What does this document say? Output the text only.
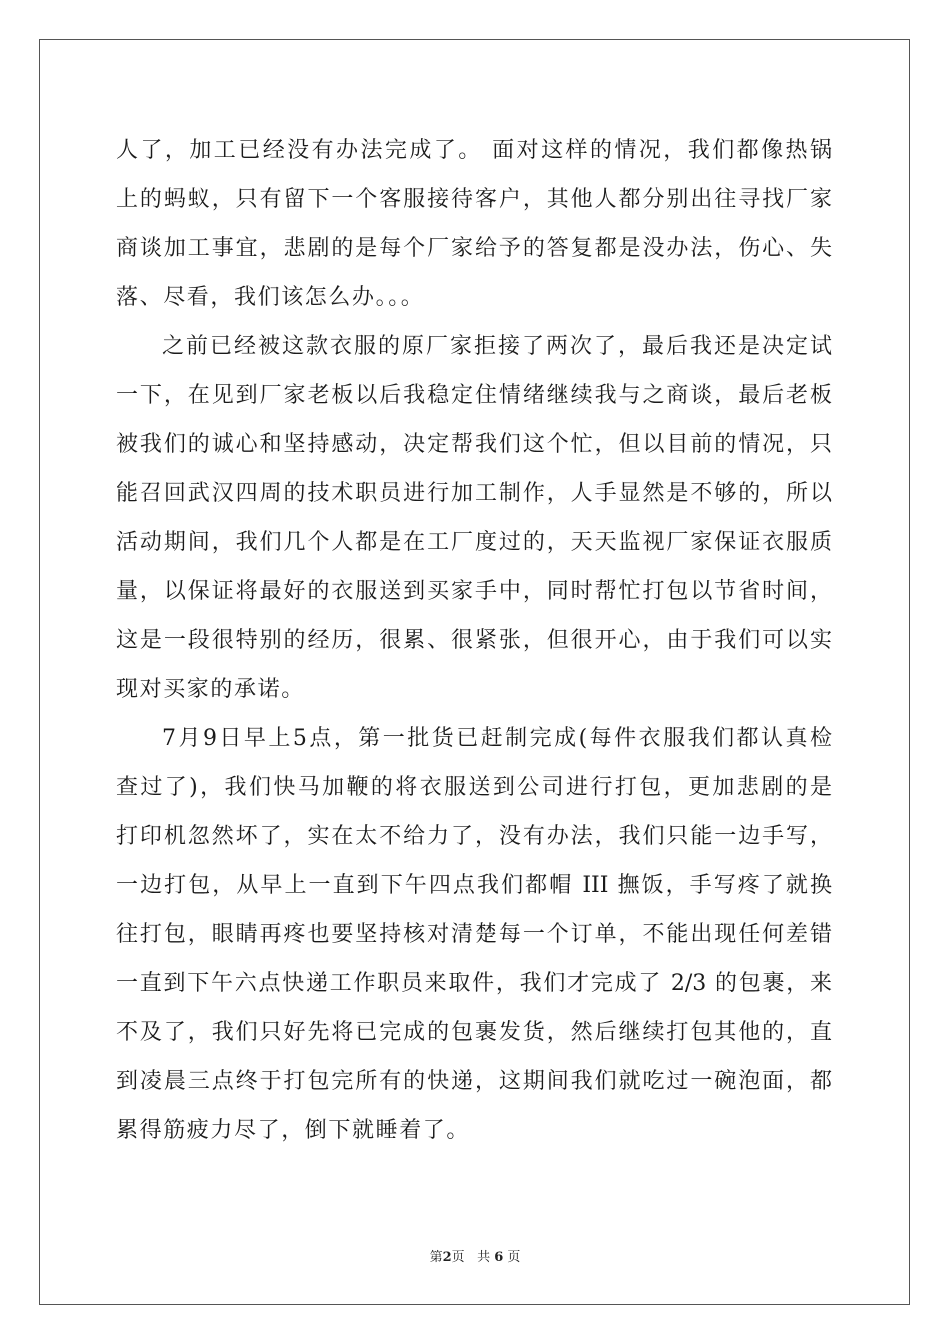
人了，加工已经没有办法完成了。 面对这样的情况，我们都像热锅
上的蚂蚁，只有留下一个客服接待客户，其他人都分别出往寻找厂家
商谈加工事宜，悲剧的是每个厂家给予的答复都是没办法，伤心、失
落、尽看，我们该怎么办。。。
之前已经被这款衣服的原厂家拒接了两次了，最后我还是决定试
一下，在见到厂家老板以后我稳定住情绪继续我与之商谈，最后老板
被我们的诚心和坚持感动，决定帮我们这个忙，但以目前的情况，只
能召回武汉四周的技术职员进行加工制作，人手显然是不够的，所以
活动期间，我们几个人都是在工厂度过的，天天监视厂家保证衣服质
量，以保证将最好的衣服送到买家手中，同时帮忙打包以节省时间，
这是一段很特别的经历，很累、很紧张，但很开心，由于我们可以实
现对买家的承诺。
7月9日早上5点，第一批货已赶制完成(每件衣服我们都认真检
查过了)，我们快马加鞭的将衣服送到公司进行打包，更加悲剧的是
打印机忽然坏了，实在太不给力了，没有办法，我们只能一边手写，
一边打包，从早上一直到下午四点我们都帽 III 撫饭，手写疼了就换
往打包，眼睛再疼也要坚持核对清楚每一个订单，不能出现任何差错
一直到下午六点快递工作职员来取件，我们才完成了 2/3 的包裹，来
不及了，我们只好先将已完成的包裹发货，然后继续打包其他的，直
到凌晨三点终于打包完所有的快递，这期间我们就吃过一碗泡面，都
累得筋疲力尽了，倒下就睡着了。
第2页 共 6 页
